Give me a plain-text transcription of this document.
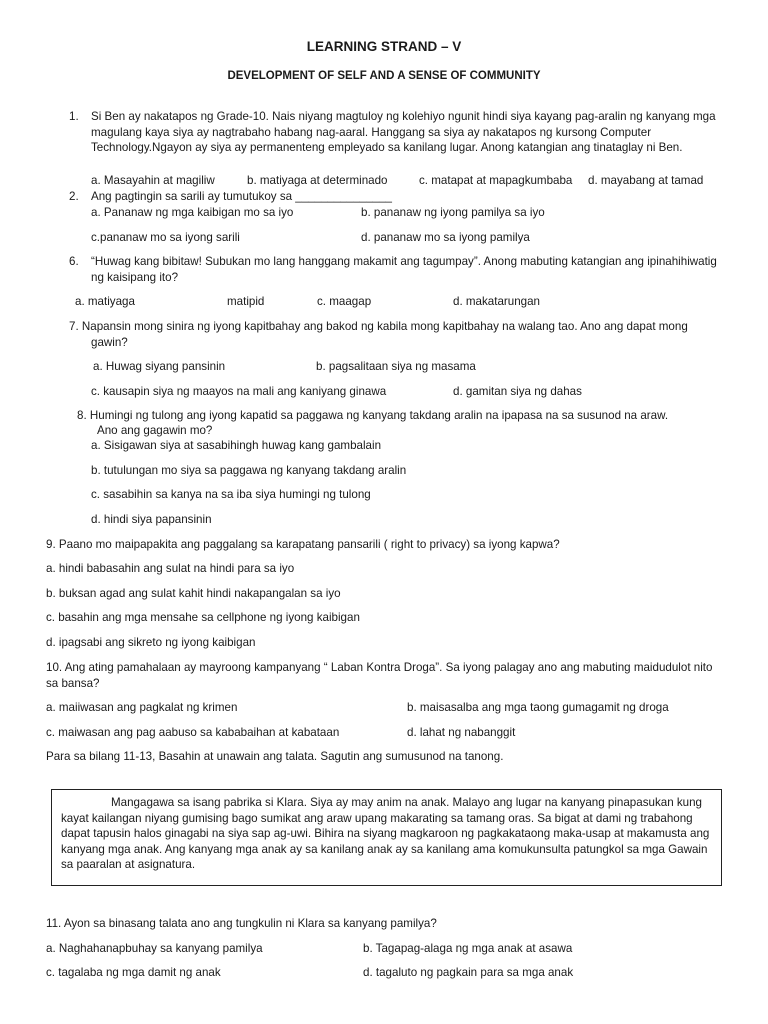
LEARNING STRAND – V
DEVELOPMENT OF SELF AND A SENSE OF COMMUNITY
1. Si Ben ay nakatapos ng Grade-10. Nais niyang magtuloy ng kolehiyo ngunit hindi siya kayang pag-aralin ng kanyang mga magulang kaya siya ay nagtrabaho habang nag-aaral. Hanggang sa siya ay nakatapos ng kursong Computer Technology.Ngayon ay siya ay permanenteng empleyado sa kanilang lugar. Anong katangian ang tinataglay ni Ben.
a. Masayahin at magiliw	b. matiyaga at determinado	c. matapat at mapagkumbaba d. mayabang at tamad
2. Ang pagtingin sa sarili ay tumutukoy sa _______________
a. Pananaw ng mga kaibigan mo sa iyo	b. pananaw ng iyong pamilya sa iyo
c.pananaw mo sa iyong sarili	d. pananaw mo sa iyong pamilya
6. “Huwag kang bibitaw! Subukan mo lang hanggang makamit ang tagumpay”. Anong mabuting katangian ang ipinahihiwatig ng kaisipang ito?
a. matiyaga	matipid	c. maagap	d. makatarungan
7. Napansin mong sinira ng iyong kapitbahay ang bakod ng kabila mong kapitbahay na walang tao. Ano ang dapat mong gawin?
a. Huwag siyang pansinin	b. pagsalitaan siya ng masama
c. kausapin siya ng maayos na mali ang kaniyang ginawa	d. gamitan siya ng dahas
8. Humingi ng tulong ang iyong kapatid sa paggawa ng kanyang takdang aralin na ipapasa na sa susunod na araw.
Ano ang gagawin mo?
a. Sisigawan siya at sasabihingh huwag kang gambalain
b. tutulungan mo siya sa paggawa ng kanyang takdang aralin
c. sasabihin sa kanya na sa iba siya humingi ng tulong
d. hindi siya papansinin
9. Paano mo maipapakita ang paggalang sa karapatang pansarili ( right to privacy) sa iyong kapwa?
a. hindi babasahin ang sulat na hindi para sa iyo
b. buksan agad ang sulat kahit hindi nakapangalan sa iyo
c. basahin ang mga mensahe sa cellphone ng iyong kaibigan
d. ipagsabi ang sikreto ng iyong kaibigan
10. Ang ating pamahalaan ay mayroong kampanyang “ Laban Kontra Droga”. Sa iyong palagay ano ang mabuting maidudulot nito sa bansa?
a. maiiwasan ang pagkalat ng krimen	b. maisasalba ang mga taong gumagamit ng droga
c. maiwasan ang pag aabuso sa kababaihan at kabataan	d. lahat ng nabanggit
Para sa bilang 11-13, Basahin at unawain ang talata. Sagutin ang sumusunod na tanong.
Mangagawa sa isang pabrika si Klara. Siya ay may anim na anak. Malayo ang lugar na kanyang pinapasukan kung kayat kailangan niyang gumising bago sumikat ang araw upang makarating sa tamang oras. Sa bigat at dami ng trabahong dapat tapusin halos ginagabi na siya sap ag-uwi. Bihira na siyang magkaroon ng pagkakataong maka-usap at makamusta ang kanyang mga anak. Ang kanyang mga anak ay sa kanilang anak ay sa kanilang ama komukunsulta patungkol sa mga Gawain sa paaralan at asignatura.
11. Ayon sa binasang talata ano ang tungkulin ni Klara sa kanyang pamilya?
a. Naghahanapbuhay sa kanyang pamilya	b. Tagapag-alaga ng mga anak at asawa
c. tagalaba ng mga damit ng anak	d. tagaluto ng pagkain para sa mga anak
